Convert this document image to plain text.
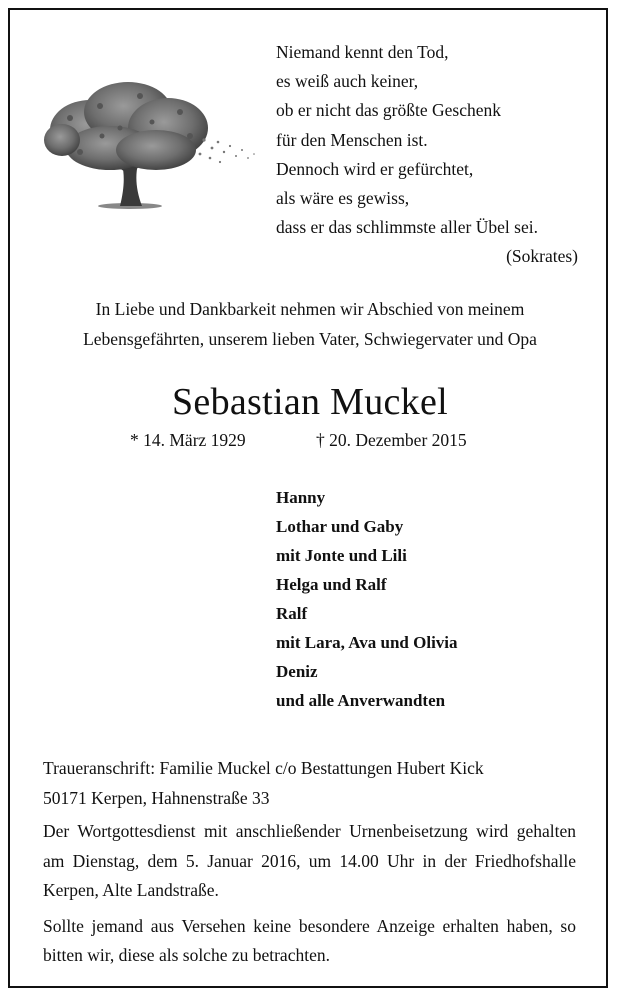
Niemand kennt den Tod,
es weiß auch keiner,
ob er nicht das größte Geschenk
für den Menschen ist.
Dennoch wird er gefürchtet,
als wäre es gewiss,
dass er das schlimmste aller Übel sei.
(Sokrates)
In Liebe und Dankbarkeit nehmen wir Abschied von meinem
Lebensgefährten, unserem lieben Vater, Schwiegervater und Opa
Sebastian Muckel
* 14. März 1929	† 20. Dezember 2015
Hanny
Lothar und Gaby
mit Jonte und Lili
Helga und Ralf
Ralf
mit Lara, Ava und Olivia
Deniz
und alle Anverwandten

Traueranschrift: Familie Muckel c/o Bestattungen Hubert Kick
50171 Kerpen, Hahnenstraße 33

Der Wortgottesdienst mit anschließender Urnenbeisetzung wird gehalten am Dienstag, dem 5. Januar 2016, um 14.00 Uhr in der Friedhofshalle Kerpen, Alte Landstraße.

Sollte jemand aus Versehen keine besondere Anzeige erhalten haben, so bitten wir, diese als solche zu betrachten.
